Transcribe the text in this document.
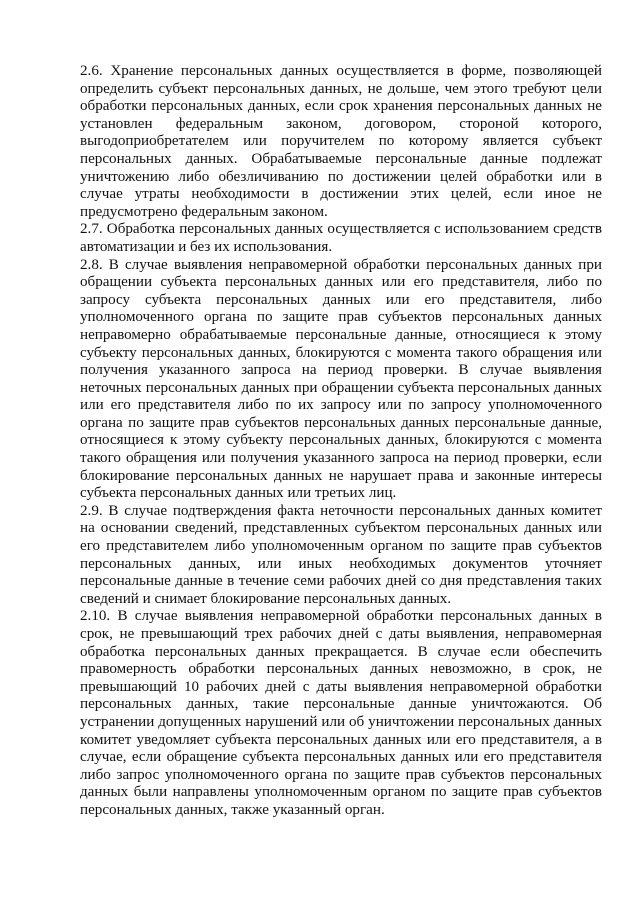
2.6. Хранение персональных данных осуществляется в форме, позволяющей определить субъект персональных данных, не дольше, чем этого требуют цели обработки персональных данных, если срок хранения персональных данных не установлен федеральным законом, договором, стороной которого, выгодоприобретателем или поручителем по которому является субъект персональных данных. Обрабатываемые персональные данные подлежат уничтожению либо обезличиванию по достижении целей обработки или в случае утраты необходимости в достижении этих целей, если иное не предусмотрено федеральным законом.

2.7. Обработка персональных данных осуществляется с использованием средств автоматизации и без их использования.

2.8. В случае выявления неправомерной обработки персональных данных при обращении субъекта персональных данных или его представителя, либо по запросу субъекта персональных данных или его представителя, либо уполномоченного органа по защите прав субъектов персональных данных неправомерно обрабатываемые персональные данные, относящиеся к этому субъекту персональных данных, блокируются с момента такого обращения или получения указанного запроса на период проверки. В случае выявления неточных персональных данных при обращении субъекта персональных данных или его представителя либо по их запросу или по запросу уполномоченного органа по защите прав субъектов персональных данных персональные данные, относящиеся к этому субъекту персональных данных, блокируются с момента такого обращения или получения указанного запроса на период проверки, если блокирование персональных данных не нарушает права и законные интересы субъекта персональных данных или третьих лиц.

2.9. В случае подтверждения факта неточности персональных данных комитет на основании сведений, представленных субъектом персональных данных или его представителем либо уполномоченным органом по защите прав субъектов персональных данных, или иных необходимых документов уточняет персональные данные в течение семи рабочих дней со дня представления таких сведений и снимает блокирование персональных данных.

2.10. В случае выявления неправомерной обработки персональных данных в срок, не превышающий трех рабочих дней с даты выявления, неправомерная обработка персональных данных прекращается. В случае если обеспечить правомерность обработки персональных данных невозможно, в срок, не превышающий 10 рабочих дней с даты выявления неправомерной обработки персональных данных, такие персональные данные уничтожаются. Об устранении допущенных нарушений или об уничтожении персональных данных комитет уведомляет субъекта персональных данных или его представителя, а в случае, если обращение субъекта персональных данных или его представителя либо запрос уполномоченного органа по защите прав субъектов персональных данных были направлены уполномоченным органом по защите прав субъектов персональных данных, также указанный орган.
